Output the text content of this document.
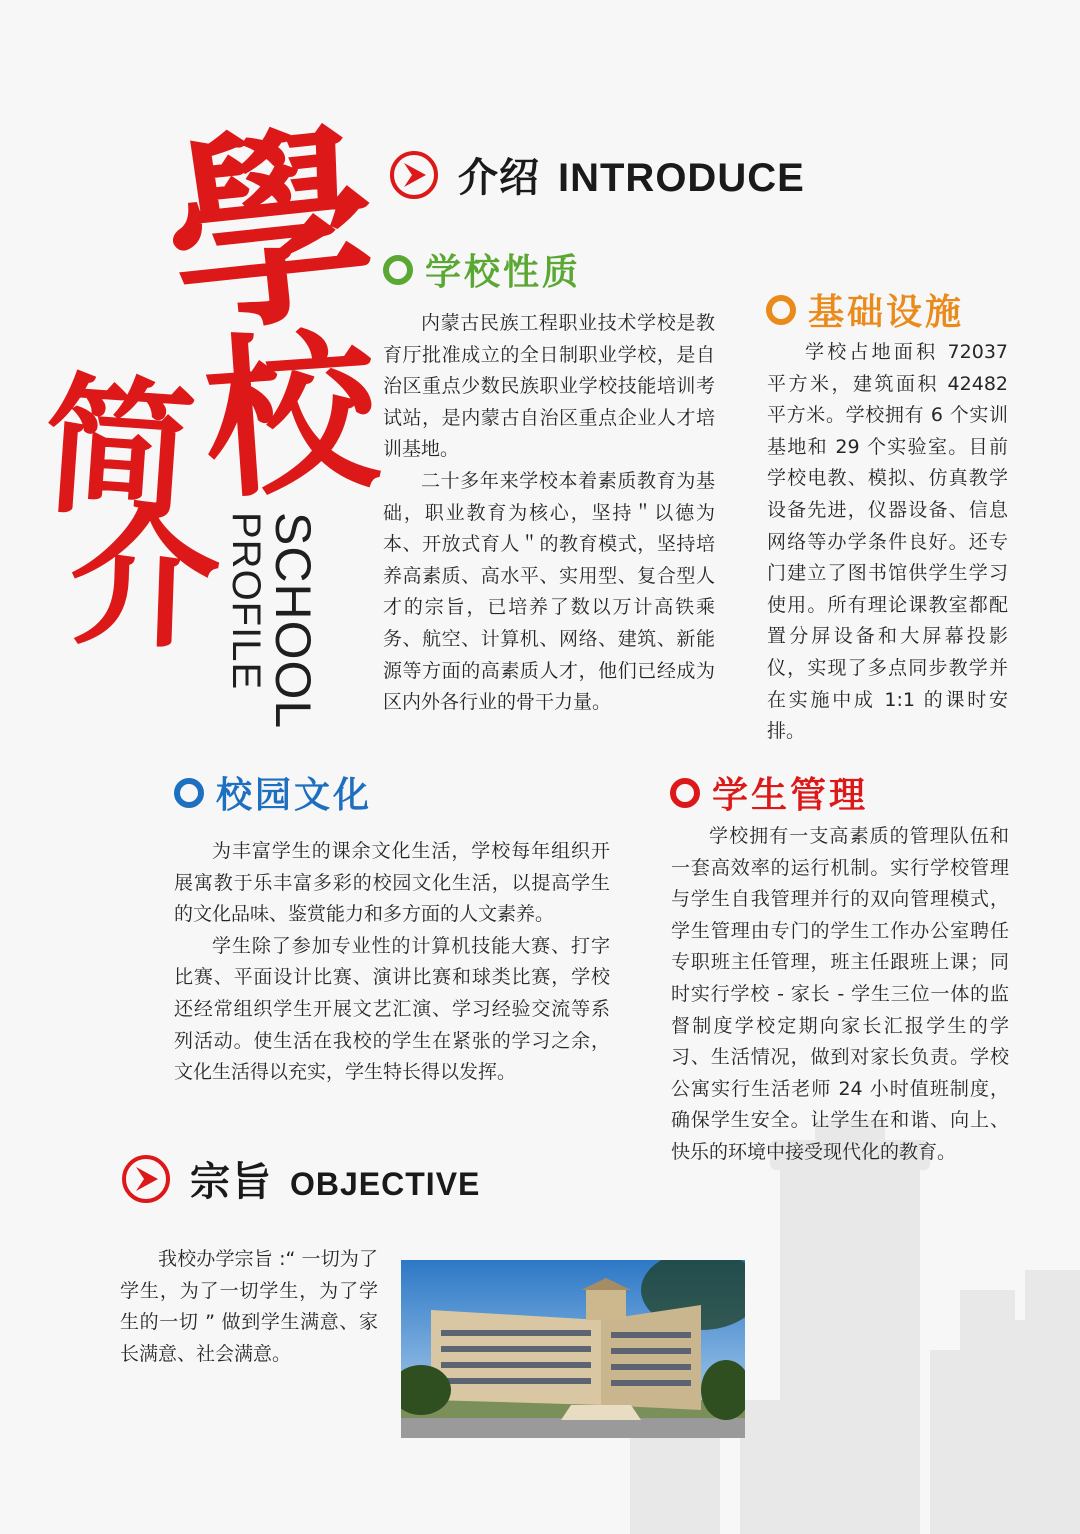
學
校
简
介 SCHOOL
PROFILE
介绍 INTRODUCE
学校性质

内蒙古民族工程职业技术学校是教育厅批准成立的全日制职业学校，是自治区重点少数民族职业学校技能培训考试站，是内蒙古自治区重点企业人才培训基地。

二十多年来学校本着素质教育为基础，职业教育为核心，坚持＂以德为本、开放式育人＂的教育模式，坚持培养高素质、高水平、实用型、复合型人才的宗旨，已培养了数以万计高铁乘务、航空、计算机、网络、建筑、新能源等方面的高素质人才，他们已经成为区内外各行业的骨干力量。

基础设施

学校占地面积 72037 平方米，建筑面积 42482 平方米。学校拥有 6 个实训基地和 29 个实验室。目前学校电教、模拟、仿真教学设备先进，仪器设备、信息网络等办学条件良好。还专门建立了图书馆供学生学习使用。所有理论课教室都配置分屏设备和大屏幕投影仪，实现了多点同步教学并在实施中成 1:1 的课时安排。

校园文化

为丰富学生的课余文化生活，学校每年组织开展寓教于乐丰富多彩的校园文化生活，以提高学生的文化品味、鉴赏能力和多方面的人文素养。

学生除了参加专业性的计算机技能大赛、打字比赛、平面设计比赛、演讲比赛和球类比赛，学校还经常组织学生开展文艺汇演、学习经验交流等系列活动。使生活在我校的学生在紧张的学习之余，文化生活得以充实，学生特长得以发挥。

学生管理

学校拥有一支高素质的管理队伍和一套高效率的运行机制。实行学校管理与学生自我管理并行的双向管理模式，学生管理由专门的学生工作办公室聘任专职班主任管理，班主任跟班上课；同时实行学校 - 家长 - 学生三位一体的监督制度学校定期向家长汇报学生的学习、生活情况，做到对家长负责。学校公寓实行生活老师 24 小时值班制度，确保学生安全。让学生在和谐、向上、快乐的环境中接受现代化的教育。

宗旨 OBJECTIVE

我校办学宗旨 :“ 一切为了学生，为了一切学生，为了学生的一切 ” 做到学生满意、家长满意、社会满意。
